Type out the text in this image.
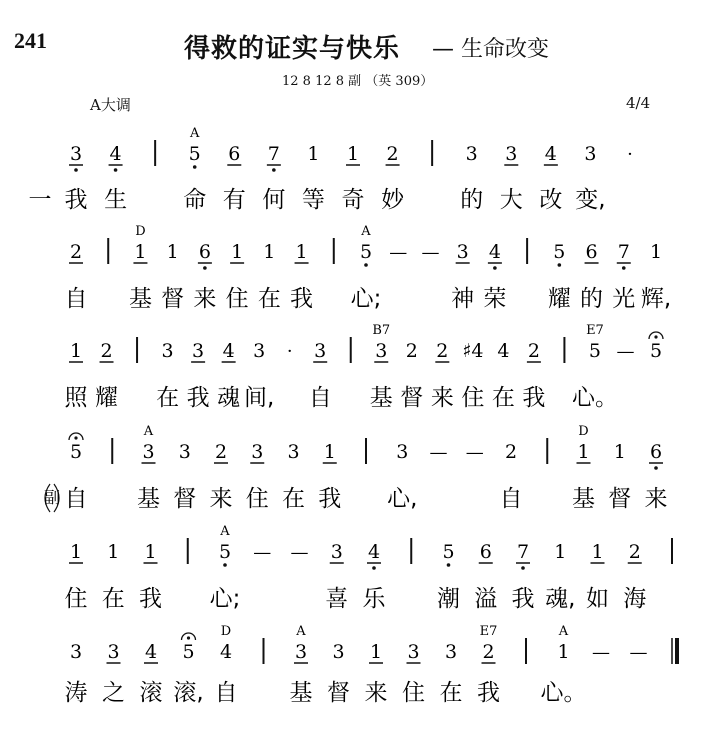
241	得救的证实与快乐 — 生命改变
12 8 12 8 副 （英 309）
A大调	4/4
3 4	5
A
6 7 1 1 2	3 3 4 3 ·
一 我 生 命 有 何 等 奇 妙 的 大 改 变,
2	1
D
1 6 1 1 1	5
A
— — 3 4	5 6 7 1
自 基 督 来 住 在 我 心;	神 荣 耀 的 光 辉,
1 2	3 3 4 3 · 3	3
B7
2 2 ♯4 4 2	5
E7
— 5
照 耀 在 我 魂 间, 自 基 督 来 住 在 我 心。
5	3
A
3 2 3 3 1	3 — — 2	1
D
1 6
自 基 督 来 住 在 我 心,	自 基 督 来
副
1 1 1	5
A
— — 3 4	5 6 7 1 1 2
住 在 我 心;	喜 乐 潮 溢 我 魂, 如 海
3 3 4 5 4
D
3
A
3 1 3 3 2
E7
1
A
— —
涛 之 滚 滚, 自 基 督 来 住 在 我 心。
